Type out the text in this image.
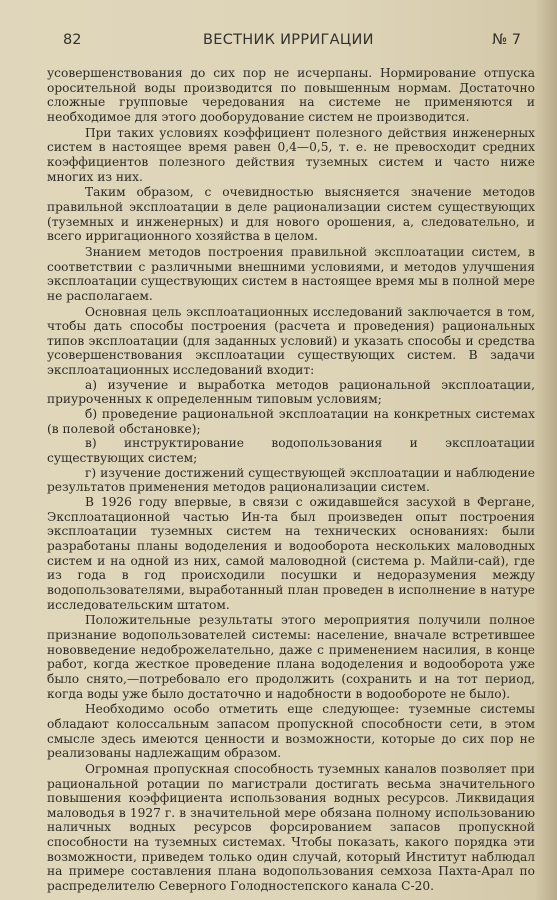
82	ВЕСТНИК ИРРИГАЦИИ	№ 7

усовершенствования до сих пор не исчерпаны. Нормирование отпуска оросительной воды производится по повышенным нормам. Достаточно сложные групповые чередования на системе не применяются и необходимое для этого дооборудование систем не производится.

При таких условиях коэффициент полезного действия инженерных систем в настоящее время равен 0,4—0,5, т. е. не превосходит средних коэффициентов полезного действия туземных систем и часто ниже многих из них.

Таким образом, с очевидностью выясняется значение методов правильной эксплоатации в деле рационализации систем существующих (туземных и инженерных) и для нового орошения, а, следовательно, и всего ирригационного хозяйства в целом.

Знанием методов построения правильной эксплоатации систем, в соответствии с различными внешними условиями, и методов улучшения эксплоатации существующих систем в настоящее время мы в полной мере не располагаем.

Основная цель эксплоатационных исследований заключается в том, чтобы дать способы построения (расчета и проведения) рациональных типов эксплоатации (для заданных условий) и указать способы и средства усовершенствования эксплоатации существующих систем. В задачи эксплоатационных исследований входит:

а) изучение и выработка методов рациональной эксплоатации, приуроченных к определенным типовым условиям;

б) проведение рациональной эксплоатации на конкретных системах (в полевой обстановке);

в) инструктирование водопользования и эксплоатации существующих систем;

г) изучение достижений существующей эксплоатации и наблюдение результатов применения методов рационализации систем.

В 1926 году впервые, в связи с ожидавшейся засухой в Фергане, Эксплоатационной частью Ин-та был произведен опыт построения эксплоатации туземных систем на технических основаниях: были разработаны планы вододеления и водооборота нескольких маловодных систем и на одной из них, самой маловодной (система р. Майли-сай), где из года в год происходили посушки и недоразумения между водопользователями, выработанный план проведен в исполнение в натуре исследовательским штатом.

Положительные результаты этого мероприятия получили полное признание водопользователей системы: население, вначале встретившее нововведение недоброжелательно, даже с применением насилия, в конце работ, когда жесткое проведение плана вододеления и водооборота уже было снято,—потребовало его продолжить (сохранить и на тот период, когда воды уже было достаточно и надобности в водообороте не было).

Необходимо особо отметить еще следующее: туземные системы обладают колоссальным запасом пропускной способности сети, в этом смысле здесь имеются ценности и возможности, которые до сих пор не реализованы надлежащим образом.

Огромная пропускная способность туземных каналов позволяет при рациональной ротации по магистрали достигать весьма значительного повышения коэффициента использования водных ресурсов. Ликвидация маловодья в 1927 г. в значительной мере обязана полному использованию наличных водных ресурсов форсированием запасов пропускной способности на туземных системах. Чтобы показать, какого порядка эти возможности, приведем только один случай, который Институт наблюдал на примере составления плана водопользования семхоза Пахта-Арал по распределителю Северного Голодностепского канала С-20.
